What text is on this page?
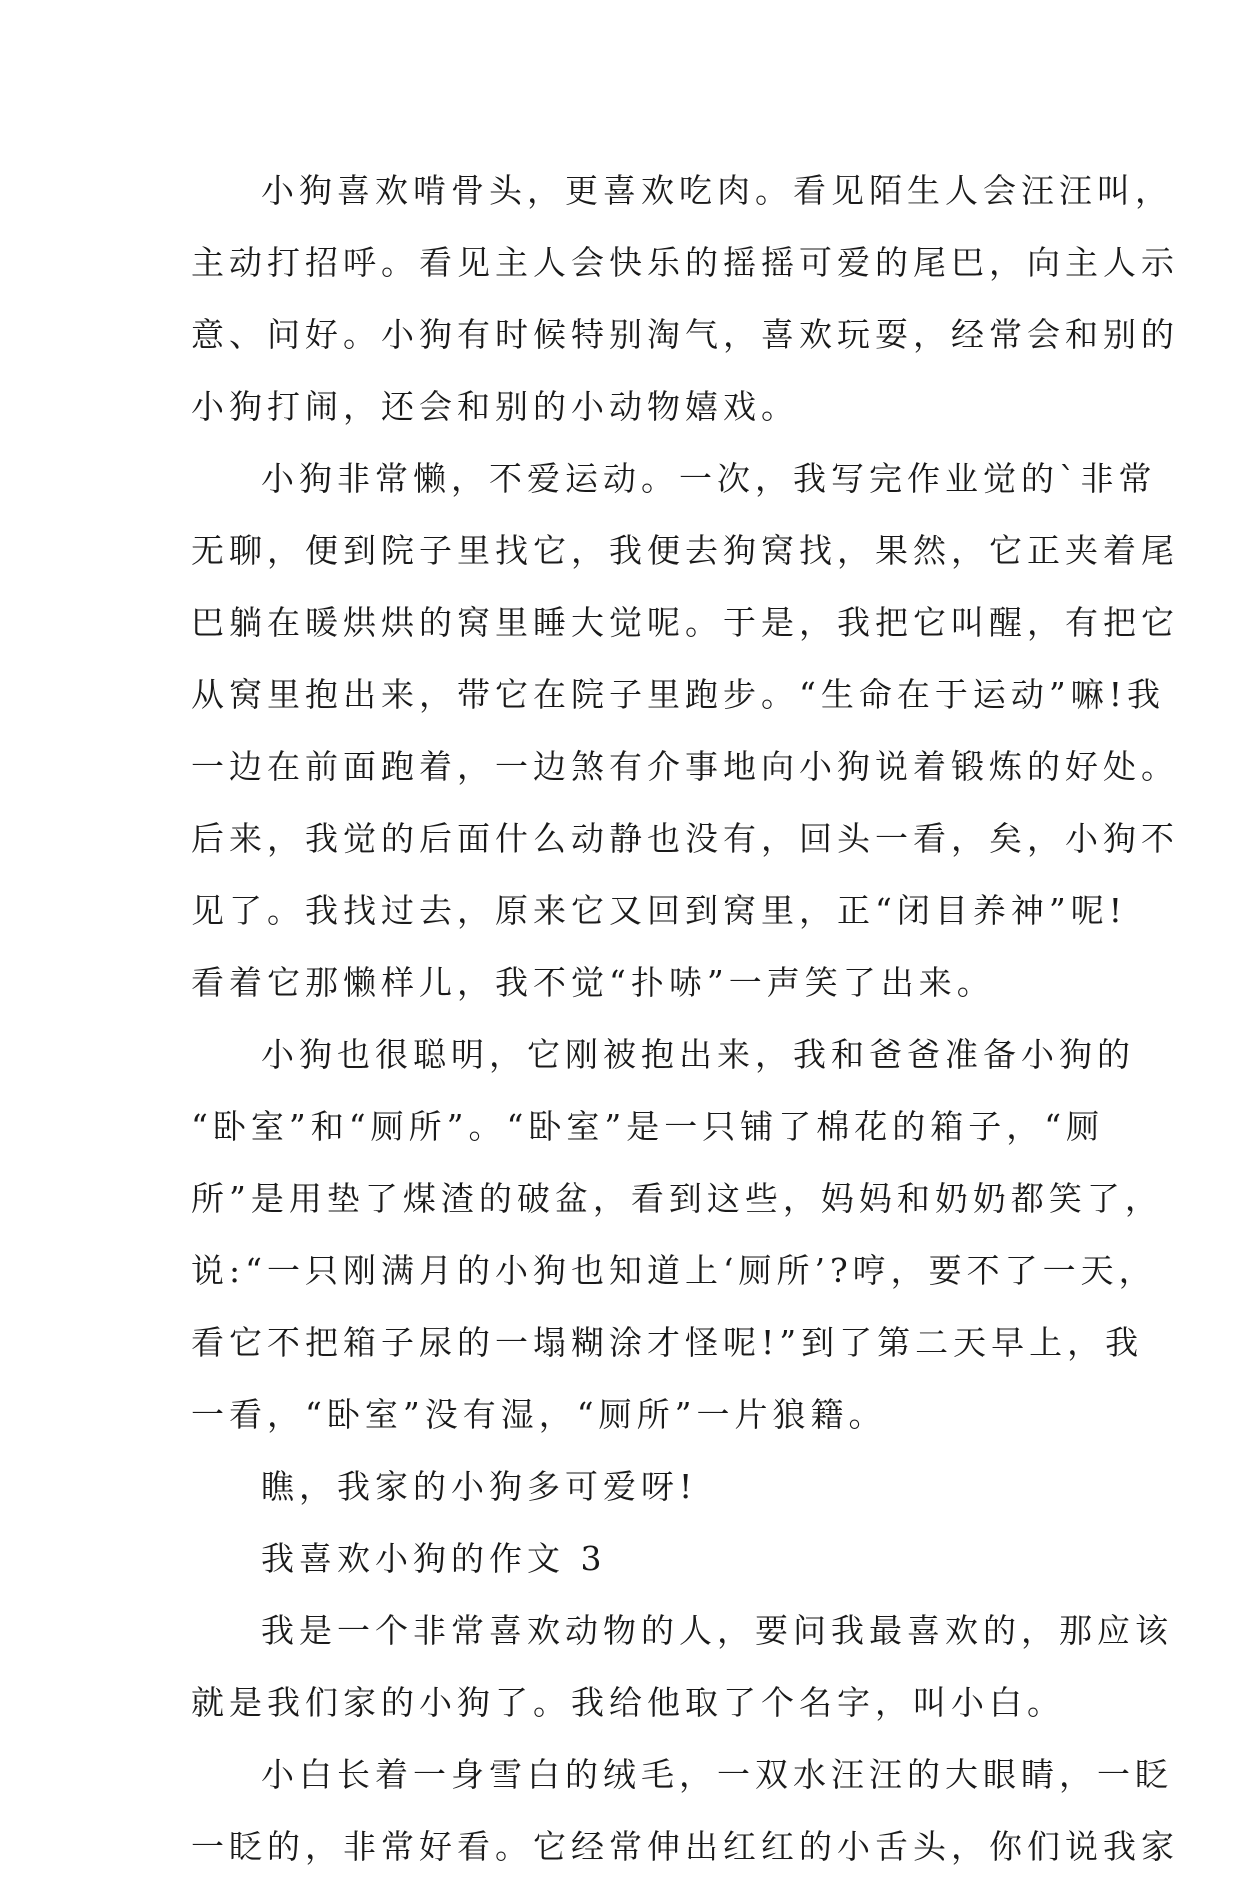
小狗喜欢啃骨头，更喜欢吃肉。看见陌生人会汪汪叫，
主动打招呼。看见主人会快乐的摇摇可爱的尾巴，向主人示
意、问好。小狗有时候特别淘气，喜欢玩耍，经常会和别的
小狗打闹，还会和别的小动物嬉戏。
小狗非常懒，不爱运动。一次，我写完作业觉的`非常
无聊，便到院子里找它，我便去狗窝找，果然，它正夹着尾
巴躺在暖烘烘的窝里睡大觉呢。于是，我把它叫醒，有把它
从窝里抱出来，带它在院子里跑步。“生命在于运动”嘛!我
一边在前面跑着，一边煞有介事地向小狗说着锻炼的好处。
后来，我觉的后面什么动静也没有，回头一看，矣，小狗不
见了。我找过去，原来它又回到窝里，正“闭目养神”呢!
看着它那懒样儿，我不觉“扑哧”一声笑了出来。
小狗也很聪明，它刚被抱出来，我和爸爸准备小狗的
“卧室”和“厕所”。“卧室”是一只铺了棉花的箱子，“厕
所”是用垫了煤渣的破盆，看到这些，妈妈和奶奶都笑了，
说:“一只刚满月的小狗也知道上‘厕所’?哼，要不了一天，
看它不把箱子尿的一塌糊涂才怪呢!”到了第二天早上，我
一看，“卧室”没有湿，“厕所”一片狼籍。
瞧，我家的小狗多可爱呀!
我喜欢小狗的作文 3
我是一个非常喜欢动物的人，要问我最喜欢的，那应该
就是我们家的小狗了。我给他取了个名字，叫小白。
小白长着一身雪白的绒毛，一双水汪汪的大眼睛，一眨
一眨的，非常好看。它经常伸出红红的小舌头，你们说我家
